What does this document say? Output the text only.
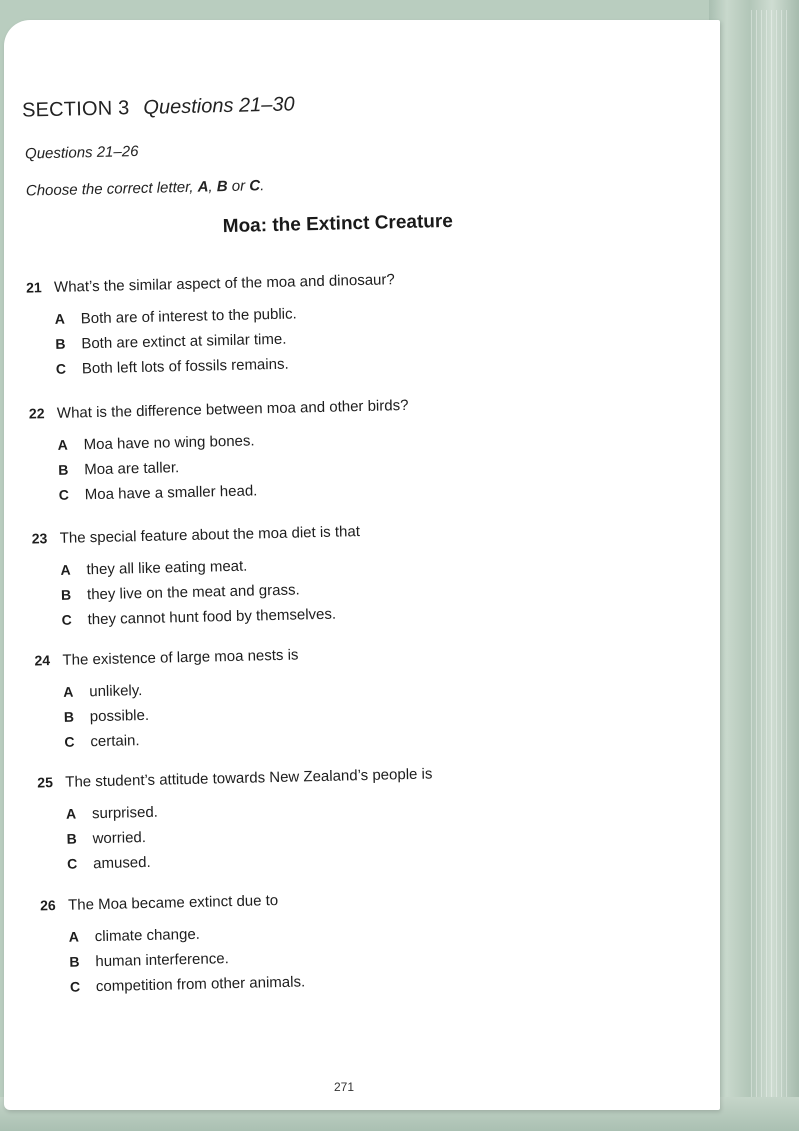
SECTION 3 Questions 21–30
Questions 21–26
Choose the correct letter, A, B or C.
Moa: the Extinct Creature
21 What’s the similar aspect of the moa and dinosaur?
A	Both are of interest to the public.
B	Both are extinct at similar time.
C	Both left lots of fossils remains.
22 What is the difference between moa and other birds?
A	Moa have no wing bones.
B	Moa are taller.
C	Moa have a smaller head.
23 The special feature about the moa diet is that
A	they all like eating meat.
B	they live on the meat and grass.
C	they cannot hunt food by themselves.
24 The existence of large moa nests is
A	unlikely.
B	possible.
C	certain.
25 The student’s attitude towards New Zealand’s people is
A	surprised.
B	worried.
C	amused.
26 The Moa became extinct due to
A	climate change.
B	human interference.
C	competition from other animals.
271
